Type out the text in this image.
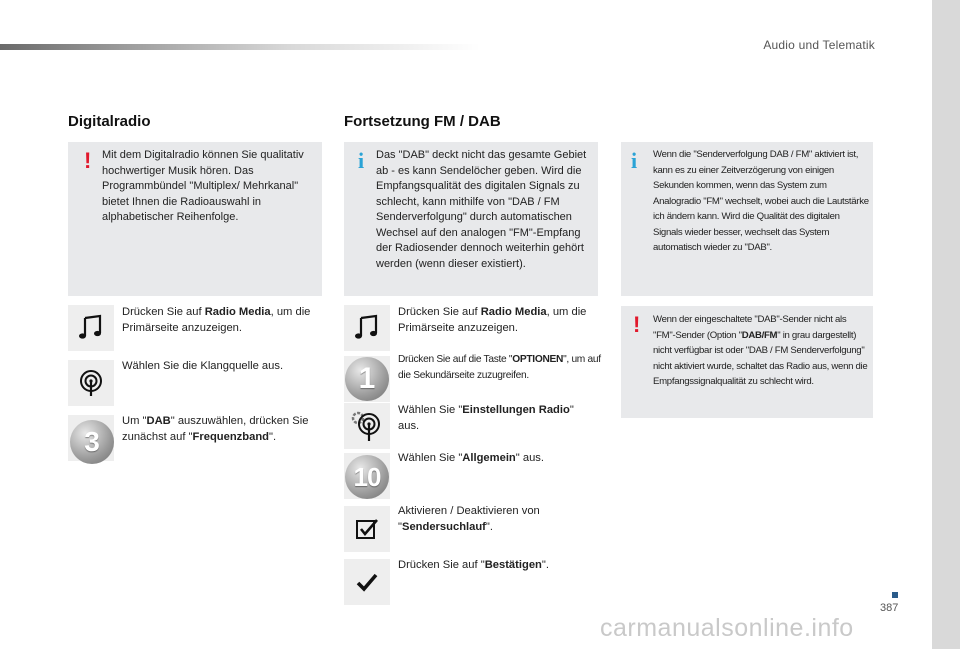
Audio und Telematik
Digitalradio
! Mit dem Digitalradio können Sie qualitativ hochwertiger Musik hören. Das Programmbündel "Multiplex/ Mehrkanal" bietet Ihnen die Radioauswahl in alphabetischer Reihenfolge.
Drücken Sie auf Radio Media, um die Primärseite anzuzeigen.
Wählen Sie die Klangquelle aus.
3
Um "DAB" auszuwählen, drücken Sie zunächst auf "Frequenzband".
Fortsetzung FM / DAB
i Das "DAB" deckt nicht das gesamte Gebiet ab - es kann Sendelöcher geben. Wird die Empfangsqualität des digitalen Signals zu schlecht, kann mithilfe von "DAB / FM Senderverfolgung" durch automatischen Wechsel auf den analogen "FM"-Empfang der Radiosender dennoch weiterhin gehört werden (wenn dieser existiert).
Drücken Sie auf Radio Media, um die Primärseite anzuzeigen.
1
Drücken Sie auf die Taste "OPTIONEN", um auf die Sekundärseite zuzugreifen.
Wählen Sie "Einstellungen Radio" aus.
10
Wählen Sie "Allgemein" aus.
Aktivieren / Deaktivieren von "Sendersuchlauf".
Drücken Sie auf "Bestätigen".
i Wenn die "Senderverfolgung DAB / FM" aktiviert ist, kann es zu einer Zeitverzögerung von einigen Sekunden kommen, wenn das System zum Analogradio "FM" wechselt, wobei auch die Lautstärke ich ändern kann. Wird die Qualität des digitalen Signals wieder besser, wechselt das System automatisch wieder zu "DAB".
! Wenn der eingeschaltete "DAB"-Sender nicht als "FM"-Sender (Option "DAB/FM" in grau dargestellt) nicht verfügbar ist oder "DAB / FM Senderverfolgung" nicht aktiviert wurde, schaltet das Radio aus, wenn die Empfangssignalqualität zu schlecht wird.
387
carmanualsonline.info
